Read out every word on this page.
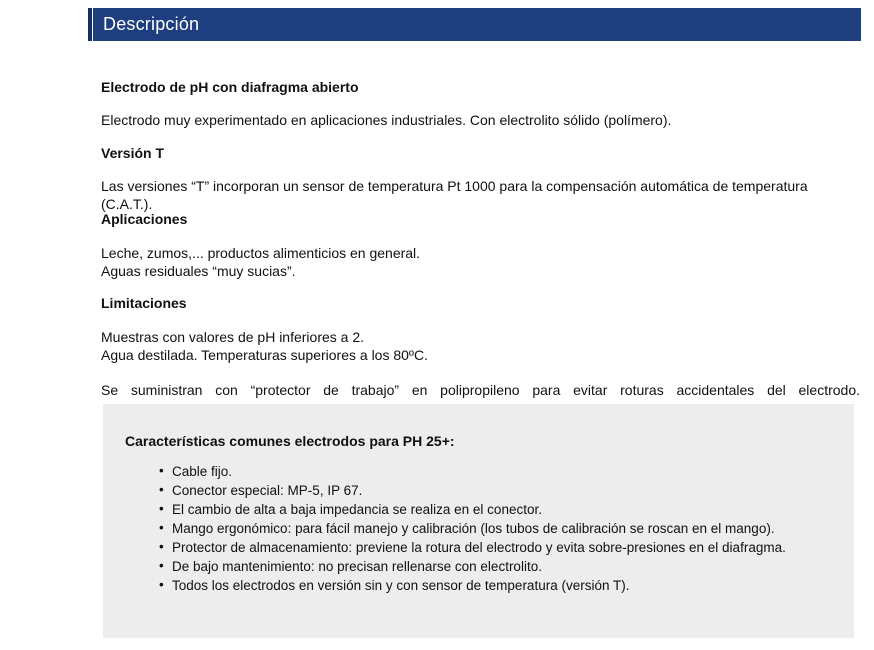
Descripción
Electrodo de pH con diafragma abierto
Electrodo muy experimentado en aplicaciones industriales. Con electrolito sólido (polímero).
Versión T
Las versiones “T” incorporan un sensor de temperatura Pt 1000 para la compensación automática de temperatura (C.A.T.).
Aplicaciones
Leche, zumos,... productos alimenticios en general.
Aguas residuales “muy sucias”.
Limitaciones
Muestras con valores de pH inferiores a 2.
Agua destilada. Temperaturas superiores a los 80ºC.
Se suministran con “protector de trabajo” en polipropileno para evitar roturas accidentales del electrodo.
Características comunes electrodos para PH 25+:
• Cable fijo.
• Conector especial: MP-5, IP 67.
• El cambio de alta a baja impedancia se realiza en el conector.
• Mango ergonómico: para fácil manejo y calibración (los tubos de calibración se roscan en el mango).
• Protector de almacenamiento: previene la rotura del electrodo y evita sobre-presiones en el diafragma.
• De bajo mantenimiento: no precisan rellenarse con electrolito.
• Todos los electrodos en versión sin y con sensor de temperatura (versión T).
